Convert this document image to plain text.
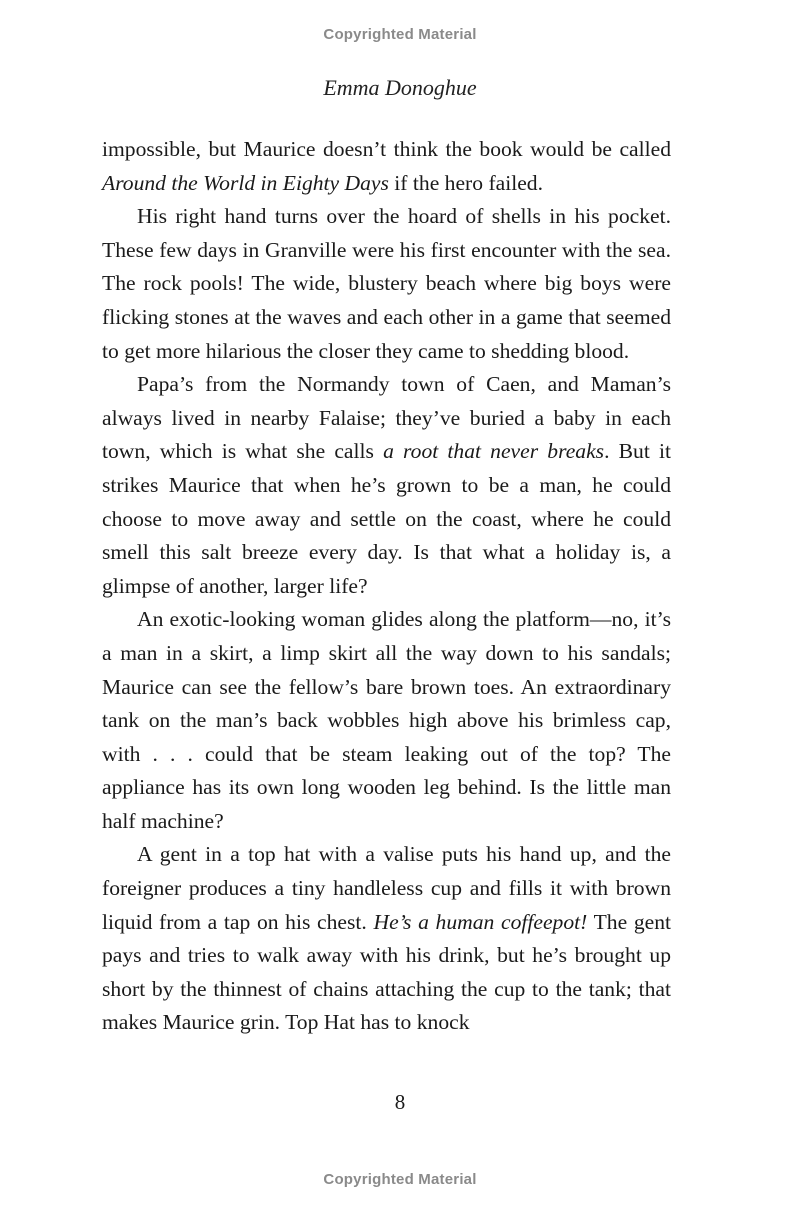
Copyrighted Material
Emma Donoghue

impossible, but Maurice doesn’t think the book would be called Around the World in Eighty Days if the hero failed.

His right hand turns over the hoard of shells in his pocket. These few days in Granville were his first encounter with the sea. The rock pools! The wide, blustery beach where big boys were flicking stones at the waves and each other in a game that seemed to get more hilarious the closer they came to shedding blood.

Papa’s from the Normandy town of Caen, and Maman’s always lived in nearby Falaise; they’ve buried a baby in each town, which is what she calls a root that never breaks. But it strikes Maurice that when he’s grown to be a man, he could choose to move away and settle on the coast, where he could smell this salt breeze every day. Is that what a holiday is, a glimpse of another, larger life?

An exotic-looking woman glides along the platform—no, it’s a man in a skirt, a limp skirt all the way down to his sandals; Maurice can see the fellow’s bare brown toes. An extraordinary tank on the man’s back wobbles high above his brimless cap, with . . . could that be steam leaking out of the top? The appliance has its own long wooden leg behind. Is the little man half machine?

A gent in a top hat with a valise puts his hand up, and the foreigner produces a tiny handleless cup and fills it with brown liquid from a tap on his chest. He’s a human coffeepot! The gent pays and tries to walk away with his drink, but he’s brought up short by the thinnest of chains attaching the cup to the tank; that makes Maurice grin. Top Hat has to knock

8
Copyrighted Material
